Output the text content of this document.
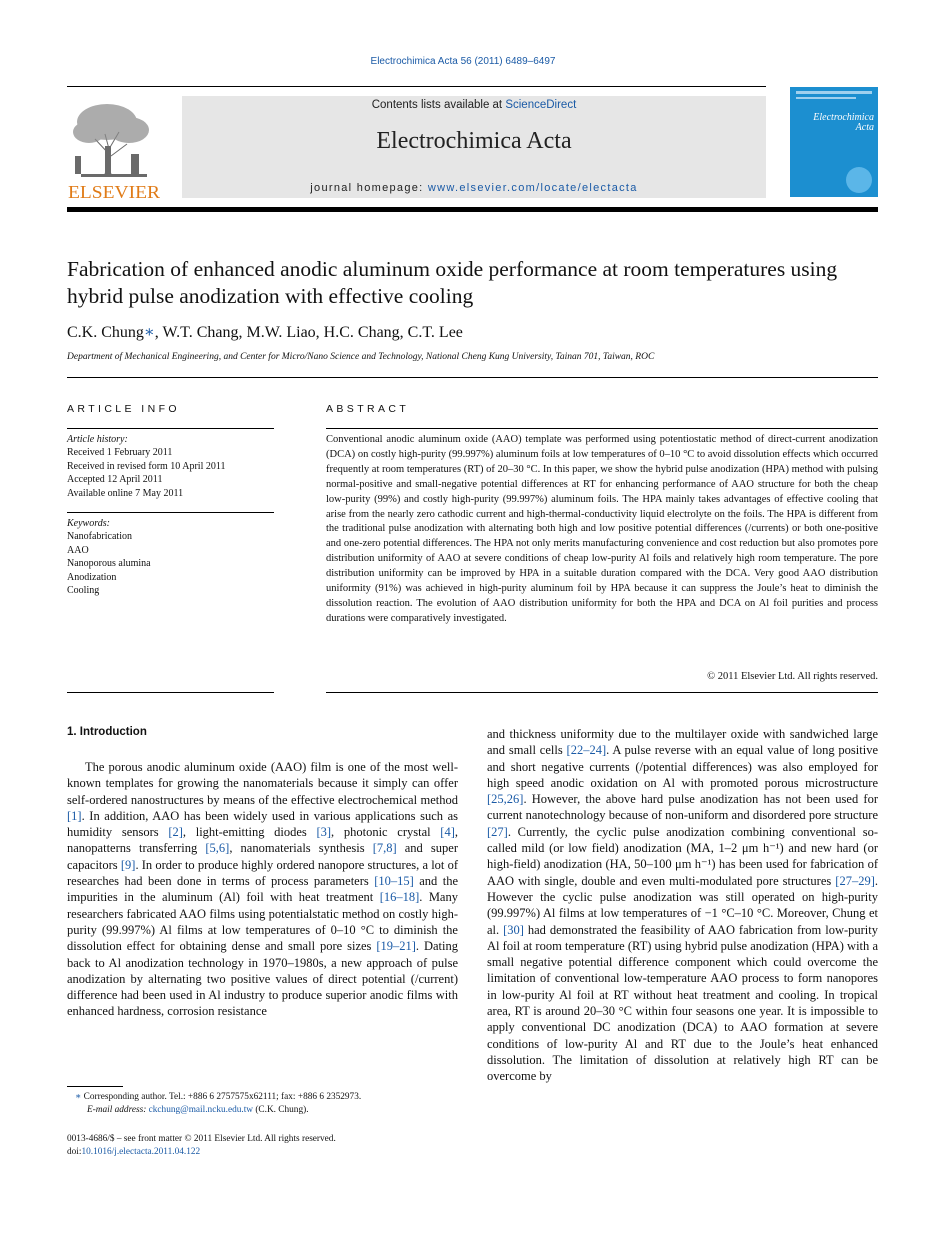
Electrochimica Acta 56 (2011) 6489–6497
ELSEVIER
Contents lists available at ScienceDirect
Electrochimica Acta
journal homepage: www.elsevier.com/locate/electacta
Electrochimica Acta
Fabrication of enhanced anodic aluminum oxide performance at room temperatures using hybrid pulse anodization with effective cooling
C.K. Chung∗, W.T. Chang, M.W. Liao, H.C. Chang, C.T. Lee
Department of Mechanical Engineering, and Center for Micro/Nano Science and Technology, National Cheng Kung University, Tainan 701, Taiwan, ROC
ARTICLE INFO	ABSTRACT
Article history:
Received 1 February 2011
Received in revised form 10 April 2011
Accepted 12 April 2011
Available online 7 May 2011
Keywords:
Nanofabrication
AAO
Nanoporous alumina
Anodization
Cooling
Conventional anodic aluminum oxide (AAO) template was performed using potentiostatic method of direct-current anodization (DCA) on costly high-purity (99.997%) aluminum foils at low temperatures of 0–10 °C to avoid dissolution effects which occurred frequently at room temperatures (RT) of 20–30 °C. In this paper, we show the hybrid pulse anodization (HPA) method with pulsing normal-positive and small-negative potential differences at RT for enhancing performance of AAO structure for both the cheap low-purity (99%) and costly high-purity (99.997%) aluminum foils. The HPA mainly takes advantages of effective cooling that arise from the nearly zero cathodic current and high-thermal-conductivity liquid electrolyte on the foils. The HPA is different from the traditional pulse anodization with alternating both high and low positive potential differences (/currents) or both one-positive and one-zero potential differences. The HPA not only merits manufacturing convenience and cost reduction but also promotes pore distribution uniformity of AAO at severe conditions of cheap low-purity Al foils and relatively high room temperature. The pore distribution uniformity can be improved by HPA in a suitable duration compared with the DCA. Very good AAO distribution uniformity (91%) was achieved in high-purity aluminum foil by HPA because it can suppress the Joule’s heat to diminish the dissolution reaction. The evolution of AAO distribution uniformity for both the HPA and DCA on Al foil purities and process durations were comparatively investigated.
© 2011 Elsevier Ltd. All rights reserved.
1. Introduction
The porous anodic aluminum oxide (AAO) film is one of the most well-known templates for growing the nanomaterials because it simply can offer self-ordered nanostructures by means of the effective electrochemical method [1]. In addition, AAO has been widely used in various applications such as humidity sensors [2], light-emitting diodes [3], photonic crystal [4], nanopatterns transferring [5,6], nanomaterials synthesis [7,8] and super capacitors [9]. In order to produce highly ordered nanopore structures, a lot of researches had been done in terms of process parameters [10–15] and the impurities in the aluminum (Al) foil with heat treatment [16–18]. Many researchers fabricated AAO films using potentialstatic method on costly high-purity (99.997%) Al films at low temperatures of 0–10 °C to diminish the dissolution effect for obtaining dense and small pore sizes [19–21]. Dating back to Al anodization technology in 1970–1980s, a new approach of pulse anodization by alternating two positive values of direct potential (/current) difference had been used in Al industry to produce superior anodic films with enhanced hardness, corrosion resistance
and thickness uniformity due to the multilayer oxide with sandwiched large and small cells [22–24]. A pulse reverse with an equal value of long positive and short negative currents (/potential differences) was also employed for high speed anodic oxidation on Al with promoted porous microstructure [25,26]. However, the above hard pulse anodization has not been used for current nanotechnology because of non-uniform and disordered pore structure [27]. Currently, the cyclic pulse anodization combining conventional so-called mild (or low field) anodization (MA, 1–2 μm h⁻¹) and new hard (or high-field) anodization (HA, 50–100 μm h⁻¹) has been used for fabrication of AAO with single, double and even multi-modulated pore structures [27–29]. However the cyclic pulse anodization was still operated on high-purity (99.997%) Al films at low temperatures of −1 °C–10 °C. Moreover, Chung et al. [30] had demonstrated the feasibility of AAO fabrication from low-purity Al foil at room temperature (RT) using hybrid pulse anodization (HPA) with a small negative potential difference component which could overcome the limitation of conventional low-temperature AAO process to form nanopores in low-purity Al foil at RT without heat treatment and cooling. In tropical area, RT is around 20–30 °C within four seasons one year. It is impossible to apply conventional DC anodization (DCA) to AAO formation at severe conditions of low-purity Al and RT due to the Joule’s heat enhanced dissolution. The limitation of dissolution at relatively high RT can be overcome by
∗ Corresponding author. Tel.: +886 6 2757575x62111; fax: +886 6 2352973.
E-mail address: ckchung@mail.ncku.edu.tw (C.K. Chung).
0013-4686/$ – see front matter © 2011 Elsevier Ltd. All rights reserved.
doi:10.1016/j.electacta.2011.04.122
